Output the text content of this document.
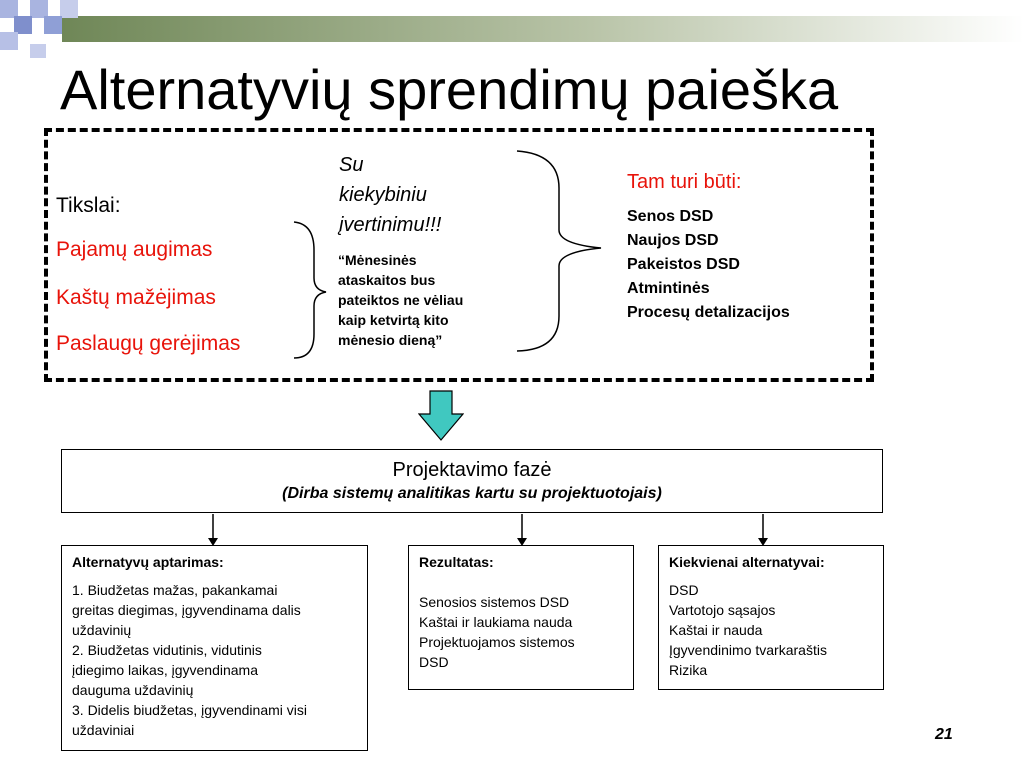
Alternatyvių sprendimų paieška
Tikslai:
Pajamų augimas
Kaštų mažėjimas
Paslaugų gerėjimas
Su
kiekybiniu
įvertinimu!!!
“Mėnesinės
ataskaitos bus
pateiktos ne vėliau
kaip ketvirtą kito
mėnesio dieną”
Tam turi būti:
Senos DSD
Naujos DSD
Pakeistos DSD
Atmintinės
Procesų detalizacijos
Projektavimo fazė
(Dirba sistemų analitikas kartu su projektuotojais)
Alternatyvų aptarimas:
1. Biudžetas mažas, pakankamai
greitas diegimas, įgyvendinama dalis
uždavinių
2. Biudžetas vidutinis, vidutinis
įdiegimo laikas, įgyvendinama
dauguma uždavinių
3. Didelis biudžetas, įgyvendinami visi
uždaviniai
Rezultatas:
Senosios sistemos DSD
Kaštai ir laukiama nauda
Projektuojamos sistemos
DSD
Kiekvienai alternatyvai:
DSD
Vartotojo sąsajos
Kaštai ir nauda
Įgyvendinimo tvarkaraštis
Rizika
21
